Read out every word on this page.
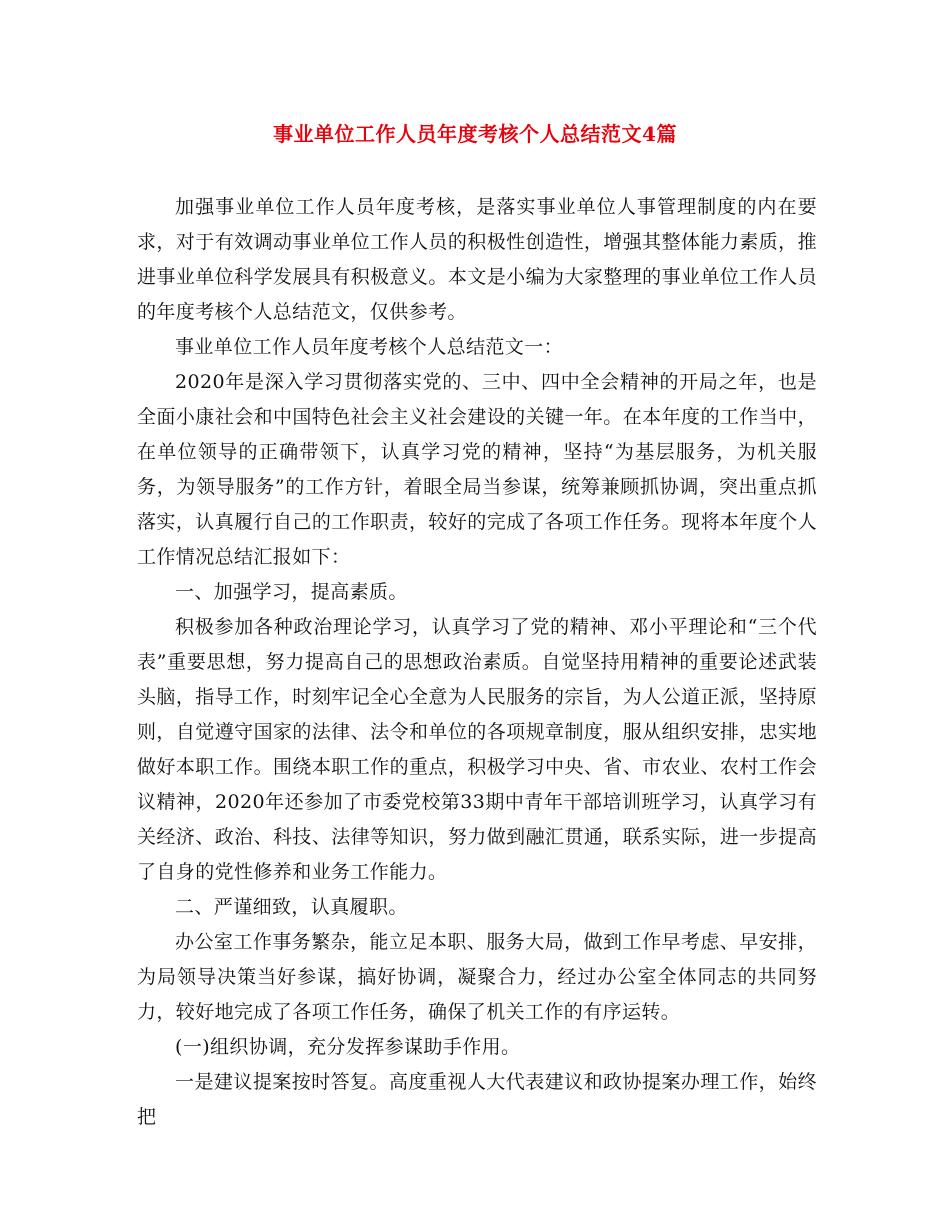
事业单位工作人员年度考核个人总结范文4篇

加强事业单位工作人员年度考核，是落实事业单位人事管理制度的内在要求，对于有效调动事业单位工作人员的积极性创造性，增强其整体能力素质，推进事业单位科学发展具有积极意义。本文是小编为大家整理的事业单位工作人员的年度考核个人总结范文，仅供参考。

事业单位工作人员年度考核个人总结范文一：

2020年是深入学习贯彻落实党的、三中、四中全会精神的开局之年，也是全面小康社会和中国特色社会主义社会建设的关键一年。在本年度的工作当中，在单位领导的正确带领下，认真学习党的精神，坚持“为基层服务，为机关服务，为领导服务”的工作方针，着眼全局当参谋，统筹兼顾抓协调，突出重点抓落实，认真履行自己的工作职责，较好的完成了各项工作任务。现将本年度个人工作情况总结汇报如下：

一、加强学习，提高素质。

积极参加各种政治理论学习，认真学习了党的精神、邓小平理论和“三个代表”重要思想，努力提高自己的思想政治素质。自觉坚持用精神的重要论述武装头脑，指导工作，时刻牢记全心全意为人民服务的宗旨，为人公道正派，坚持原则，自觉遵守国家的法律、法令和单位的各项规章制度，服从组织安排，忠实地做好本职工作。围绕本职工作的重点，积极学习中央、省、市农业、农村工作会议精神，2020年还参加了市委党校第33期中青年干部培训班学习，认真学习有关经济、政治、科技、法律等知识，努力做到融汇贯通，联系实际，进一步提高了自身的党性修养和业务工作能力。

二、严谨细致，认真履职。

办公室工作事务繁杂，能立足本职、服务大局，做到工作早考虑、早安排，为局领导决策当好参谋，搞好协调，凝聚合力，经过办公室全体同志的共同努力，较好地完成了各项工作任务，确保了机关工作的有序运转。

(一)组织协调，充分发挥参谋助手作用。

一是建议提案按时答复。高度重视人大代表建议和政协提案办理工作，始终把
